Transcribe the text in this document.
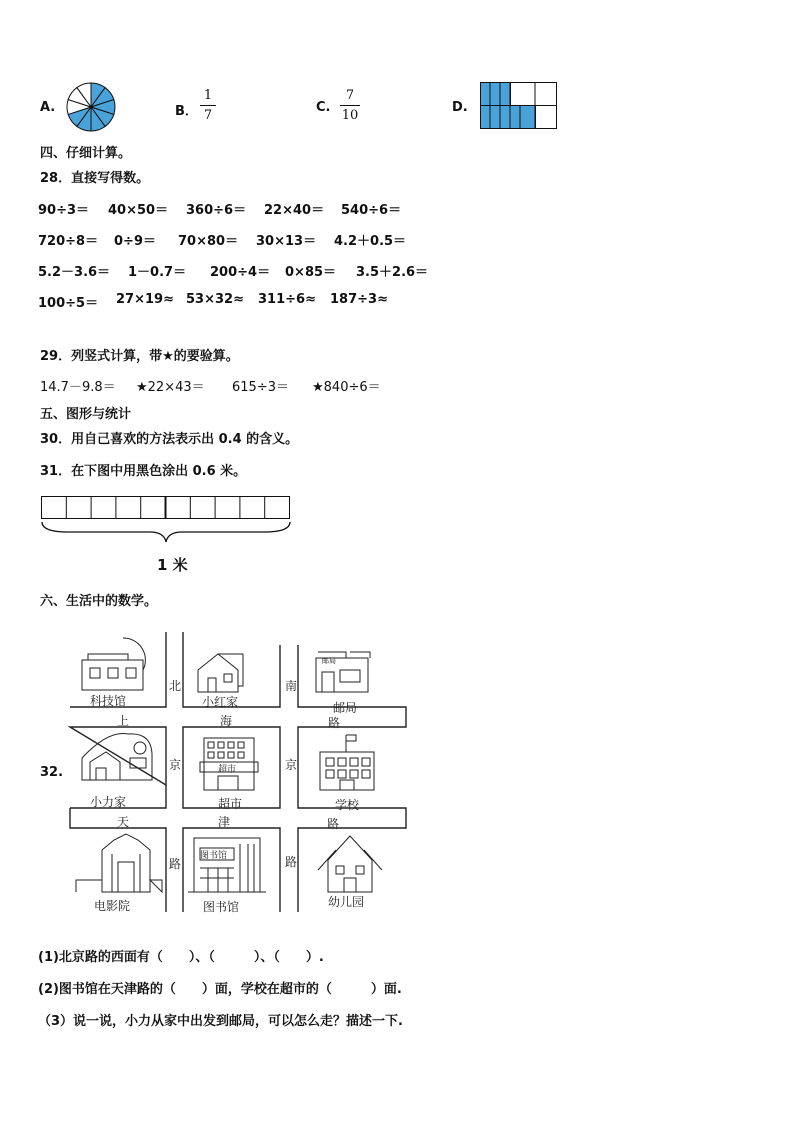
A.	B．
1
7
C.
7
10
D.
四、仔细计算。
28．直接写得数。
90÷3＝ 40×50＝ 360÷6＝ 22×40＝ 540÷6＝
720÷8＝ 0÷9＝ 70×80＝ 30×13＝ 4.2＋0.5＝
5.2－3.6＝ 1－0.7＝ 200÷4＝ 0×85＝ 3.5＋2.6＝
100÷5＝ 27×19≈ 53×32≈ 311÷6≈ 187÷3≈
29．列竖式计算，带★的要验算。
14.7－9.8＝ ★22×43＝ 615÷3＝ ★840÷6＝
五、图形与统计
30．用自己喜欢的方法表示出 0.4 的含义。
31．在下图中用黑色涂出 0.6 米。
1 米
六、生活中的数学。
32.
科技馆	小红家	邮局
邮局
小力家
超市
超市	学校
电影院
图书馆
图书馆	幼儿园
上	海	路
天	津	路
北
京
路
南
京
路
(1)北京路的西面有（　　）、（　　　）、（　　）.
(2)图书馆在天津路的（　　）面，学校在超市的（　　　）面.
（3）说一说，小力从家中出发到邮局，可以怎么走？描述一下.
